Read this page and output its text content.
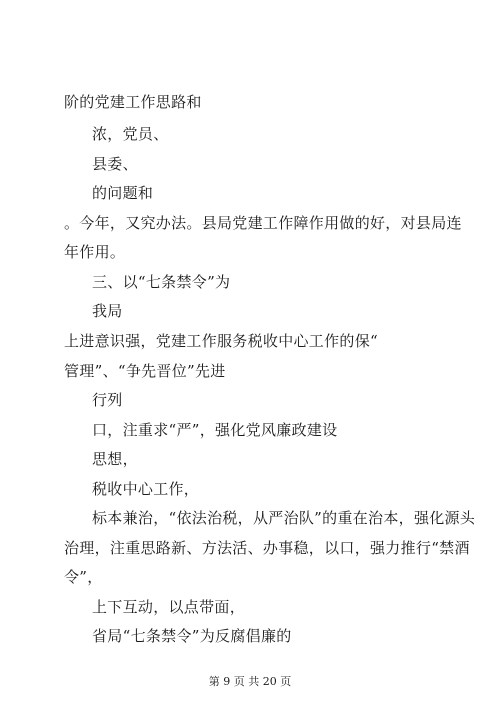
阶的党建工作思路和
浓，党员、
县委、
的问题和
。今年，又究办法。县局党建工作障作用做的好，对县局连
年作用。
三、以“七条禁令”为
我局
上进意识强，党建工作服务税收中心工作的保“
管理”、“争先晋位”先进
行列
口，注重求“严”，强化党风廉政建设
思想，
税收中心工作，
标本兼治，“依法治税，从严治队”的重在治本，强化源头
治理，注重思路新、方法活、办事稳，以口，强力推行“禁酒
令”，
上下互动，以点带面，
省局“七条禁令”为反腐倡廉的
第 9 页 共 20 页
